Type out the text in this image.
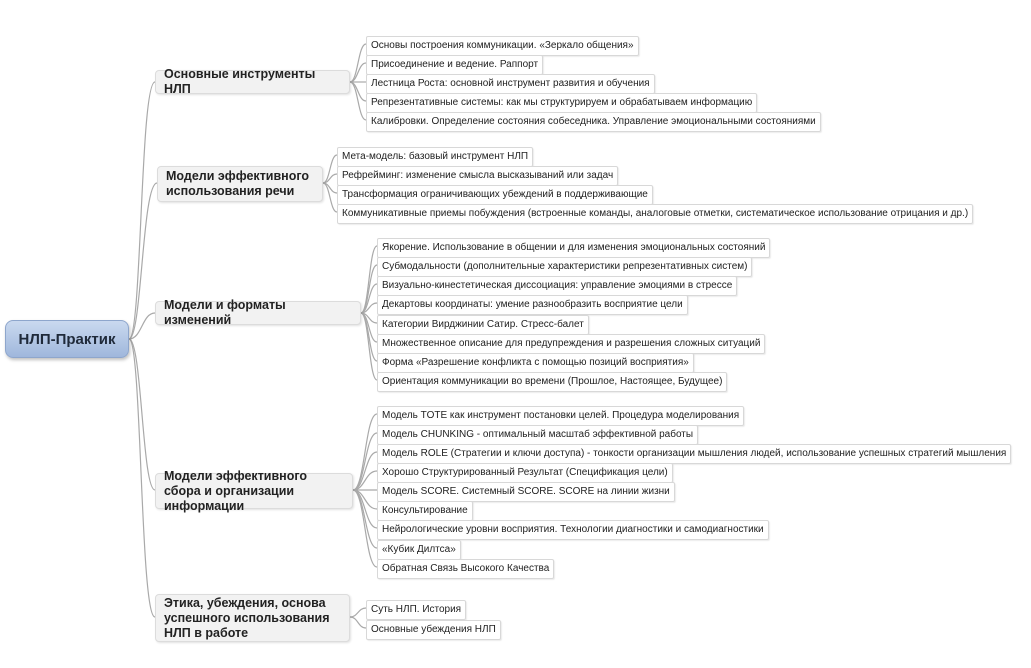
НЛП-Практик
Основные инструменты НЛП
Основы построения коммуникации. «Зеркало общения»
Присоединение и ведение. Раппорт
Лестница Роста: основной инструмент развития и обучения
Репрезентативные системы: как мы структурируем и обрабатываем информацию
Калибровки. Определение состояния собеседника. Управление эмоциональными состояниями
Модели эффективного использования речи
Мета-модель: базовый инструмент НЛП
Рефрейминг: изменение смысла высказываний или задач
Трансформация ограничивающих убеждений в поддерживающие
Коммуникативные приемы побуждения (встроенные команды, аналоговые отметки, систематическое использование отрицания и др.)
Модели и форматы изменений
Якорение. Использование в общении и для изменения эмоциональных состояний
Субмодальности (дополнительные характеристики репрезентативных систем)
Визуально-кинестетическая диссоциация: управление эмоциями в стрессе
Декартовы координаты: умение разнообразить восприятие цели
Категории Вирджинии Сатир. Стресс-балет
Множественное описание для предупреждения и разрешения сложных ситуаций
Форма «Разрешение конфликта с помощью позиций восприятия»
Ориентация коммуникации во времени (Прошлое, Настоящее, Будущее)
Модели эффективного сбора и организации информации
Модель TOTE как инструмент постановки целей. Процедура моделирования
Модель CHUNKING - оптимальный масштаб эффективной работы
Модель ROLE (Стратегии и ключи доступа) - тонкости организации мышления людей, использование успешных стратегий мышления
Хорошо Структурированный Результат (Спецификация цели)
Модель SCORE. Системный SCORE. SCORE на линии жизни
Консультирование
Нейрологические уровни восприятия. Технологии диагностики и самодиагностики
«Кубик Дилтса»
Обратная Связь Высокого Качества
Этика, убеждения, основа успешного использования НЛП в работе
Суть НЛП. История
Основные убеждения НЛП
